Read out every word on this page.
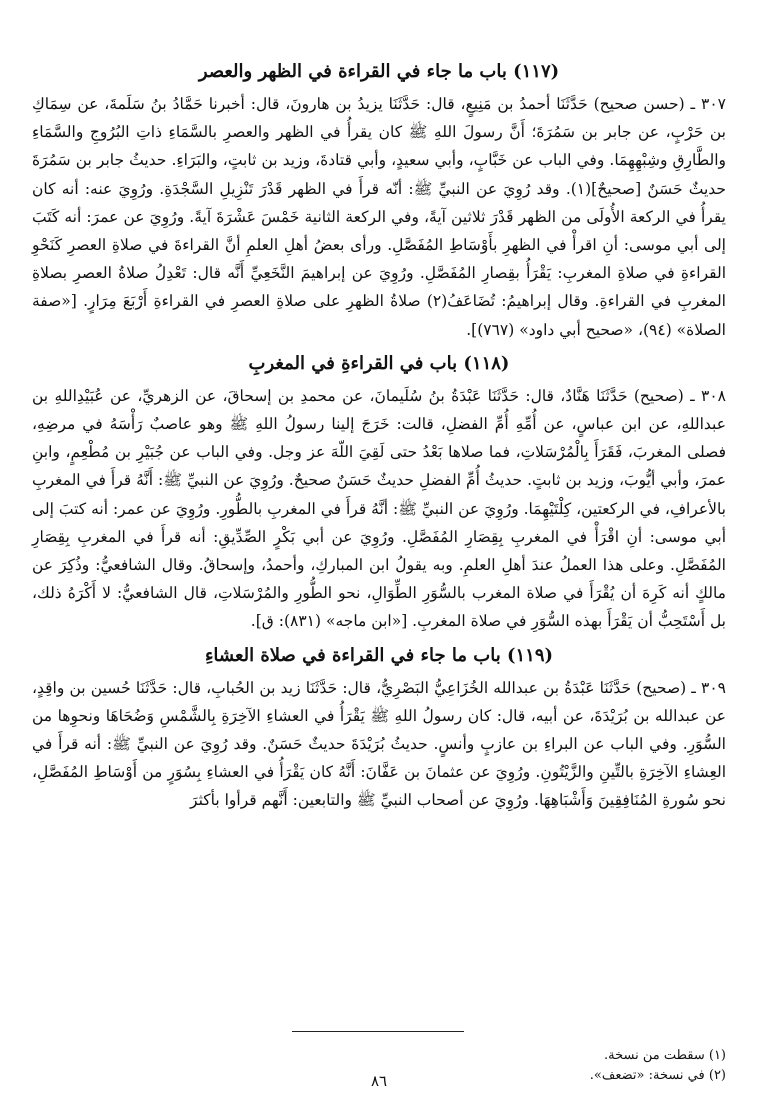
(١١٧) باب ما جاء في القراءة في الظهر والعصر

٣٠٧ ـ (حسن صحيح) حَدَّثَنَا أحمدُ بن مَنِيعٍ، قال: حَدَّثَنَا يزيدُ بن هارونَ، قال: أخبرنا حَمَّادُ بنُ سَلَمةَ، عن سِمَاكِ بن حَرْبٍ، عن جابر بن سَمُرَةَ؛ أَنَّ رسولَ اللهِ ﷺ كان يقرأُ في الظهر والعصرِ بالسَّمَاءِ ذاتِ البُرُوجِ والسَّمَاءِ والطَّارِقِ وشِبْهِهِمَا. وفي الباب عن خَبَّابٍ، وأبي سعيدٍ، وأبي قتادةَ، وزيد بن ثابتٍ، والبَرَاءِ. حديثُ جابر بن سَمُرَةَ حديثٌ حَسَنٌ [صحيحٌ](١). وقد رُوِيَ عن النبيِّ ﷺ: أنّه قرأَ في الظهر قَدْرَ تَنْزِيلِ السَّجْدَةِ. ورُوِيَ عنه: أنه كان يقرأُ في الركعة الأُولَى من الظهر قَدْرَ ثلاثين آيةً، وفي الركعة الثانية خَمْسَ عَشْرَةَ آيةً. ورُوِيَ عن عمرَ: أنه كَتَبَ إلى أبي موسى: أنِ اقرأْ في الظهرِ بأَوْسَاطِ المُفَصَّلِ. ورأى بعضُ أهلِ العلمِ أنَّ القراءةَ في صلاةِ العصرِ كَنَحْوِ القراءةِ في صلاةِ المغربِ: يَقْرَأُ بقِصارِ المُفَصَّلِ. ورُوِيَ عن إبراهيمَ النَّخَعِيِّ أَنَّه قال: تَعْدِلُ صلاةُ العصرِ بصلاةِ المغربِ في القراءةِ. وقال إبراهيمُ: تُضَاعَفُ(٢) صلاةُ الظهرِ على صلاةِ العصرِ في القراءةِ أَرْبَعَ مِرَارٍ. [«صفة الصلاة» (٩٤)، «صحيح أبي داود» (٧٦٧)].

(١١٨) باب في القراءةِ في المغربِ

٣٠٨ ـ (صحيح) حَدَّثَنَا هَنَّادٌ، قال: حَدَّثَنَا عَبْدَةُ بنُ سُلَيمانَ، عن محمدِ بن إسحاقَ، عن الزهريِّ، عن عُبَيْدِاللهِ بن عبداللهِ، عن ابن عباسٍ، عن أُمِّهِ أُمِّ الفضلِ، قالت: خَرَجَ إلينا رسولُ اللهِ ﷺ وهو عاصبٌ رَأْسَهُ في مرضِهِ، فصلى المغربَ، فَقَرَأَ بِالْمُرْسَلاتِ، فما صلاها بَعْدُ حتى لَقِيَ اللّهَ عز وجل. وفي الباب عن جُبَيْرِ بن مُطْعِمٍ، وابنِ عمرَ، وأبي أيُّوبَ، وزيد بن ثابتٍ. حديثُ أُمِّ الفضلِ حديثٌ حَسَنٌ صحيحٌ. ورُوِيَ عن النبيِّ ﷺ: أَنَّهُ قرأَ في المغربِ بالأعرافِ، في الركعتين، كِلْتَيْهِمَا. ورُوِيَ عن النبيِّ ﷺ: أنَّهُ قرأَ في المغربِ بالطُّورِ. ورُوِيَ عن عمر: أنه كتبَ إلى أبي موسى: أنِ اقْرَأْ في المغربِ بِقِصَارِ المُفَصَّلِ. ورُوِيَ عن أبي بَكْرٍ الصِّدِّيقِ: أنه قرأَ في المغربِ بِقِصَارِ المُفَصَّلِ. وعلى هذا العملُ عندَ أهلِ العلمِ. وبه يقولُ ابن المباركِ، وأحمدُ، وإسحاقُ. وقال الشافعيُّ: وذُكِرَ عن مالكٍ أنه كَرِهَ أن يُقْرَأَ في صلاة المغرب بالسُّوَرِ الطِّوَالِ، نحو الطُّورِ والمُرْسَلاتِ، قال الشافعيُّ: لا أَكْرَهُ ذلك، بل أَسْتَحِبُّ أن يَقْرَأَ بهذه السُّوَرِ في صلاة المغربِ. [«ابن ماجه» (٨٣١): ق].

(١١٩) باب ما جاء في القراءة في صلاة العشاءِ

٣٠٩ ـ (صحيح) حَدَّثَنَا عَبْدَةُ بن عبدالله الخُزَاعِيُّ البَصْرِيُّ، قال: حَدَّثَنَا زيد بن الحُبابِ، قال: حَدَّثَنَا حُسين بن واقِدٍ، عن عبدالله بن بُرَيْدَةَ، عن أبيه، قال: كان رسولُ اللهِ ﷺ يَقْرَأُ في العشاءِ الآخِرَةِ بِالشَّمْسِ وَضُحَاهَا ونحوِها من السُّوَرِ. وفي الباب عن البراءِ بن عازبٍ وأنسٍ. حديثُ بُرَيْدَةَ حديثٌ حَسَنٌ. وقد رُوِيَ عن النبيِّ ﷺ: أنه قرأَ في العِشاءِ الآخِرَةِ بالتِّينِ والزَّيْتُونِ. ورُوِيَ عن عثمانَ بن عَفَّانَ: أَنَّهُ كان يَقْرَأُ في العشاءِ بِسُوَرٍ من أَوْسَاطِ المُفَصَّلِ، نحو سُورةِ المُنَافِقِينَ وَأَشْبَاهِهَا. ورُوِيَ عن أصحاب النبيِّ ﷺ والتابعين: أَنَّهم قرأوا بأكثرَ

(١) سقطت من نسخة.
(٢) في نسخة: «تضعف».
٨٦
